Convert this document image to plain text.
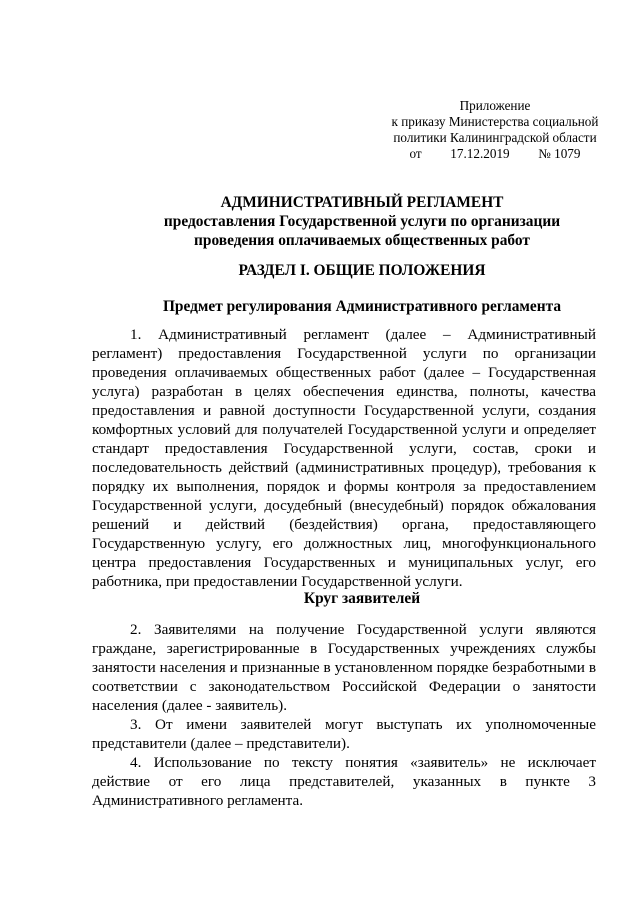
Приложение
к приказу Министерства социальной
политики Калининградской области
от 17.12.2019 № 1079
АДМИНИСТРАТИВНЫЙ РЕГЛАМЕНТ
предоставления Государственной услуги по организации
проведения оплачиваемых общественных работ
РАЗДЕЛ I. ОБЩИЕ ПОЛОЖЕНИЯ
Предмет регулирования Административного регламента

1. Административный регламент (далее – Административный регламент) предоставления Государственной услуги по организации проведения оплачиваемых общественных работ (далее – Государственная услуга) разработан в целях обеспечения единства, полноты, качества предоставления и равной доступности Государственной услуги, создания комфортных условий для получателей Государственной услуги и определяет стандарт предоставления Государственной услуги, состав, сроки и последовательность действий (административных процедур), требования к порядку их выполнения, порядок и формы контроля за предоставлением Государственной услуги, досудебный (внесудебный) порядок обжалования решений и действий (бездействия) органа, предоставляющего Государственную услугу, его должностных лиц, многофункционального центра предоставления Государственных и муниципальных услуг, его работника, при предоставлении Государственной услуги.

Круг заявителей

2. Заявителями на получение Государственной услуги являются граждане, зарегистрированные в Государственных учреждениях службы занятости населения и признанные в установленном порядке безработными в соответствии с законодательством Российской Федерации о занятости населения (далее - заявитель).

3. От имени заявителей могут выступать их уполномоченные представители (далее – представители).

4. Использование по тексту понятия «заявитель» не исключает действие от его лица представителей, указанных в пункте 3 Административного регламента.
